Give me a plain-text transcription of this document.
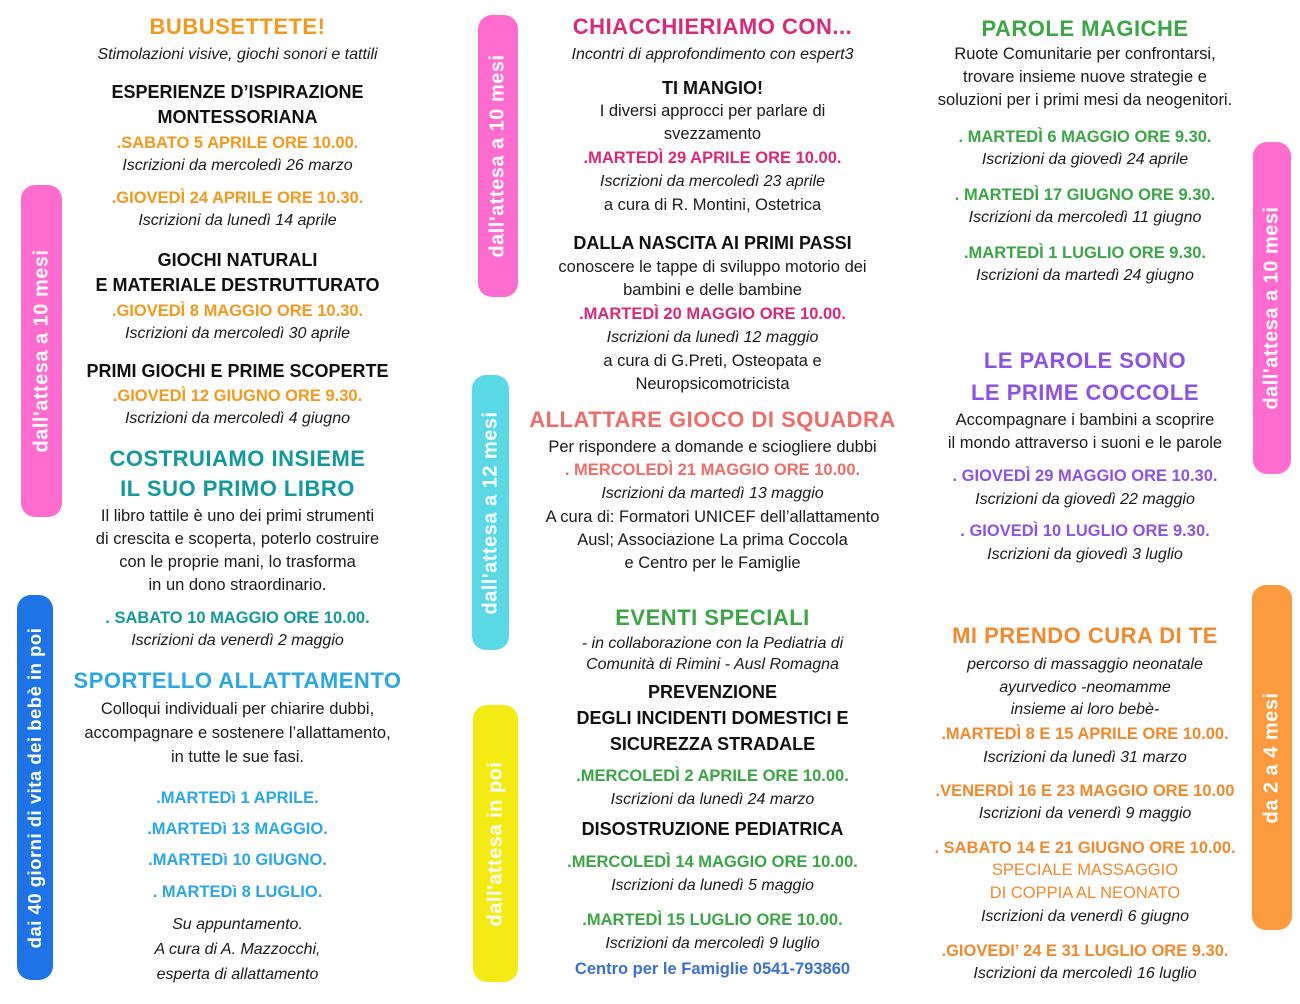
dall'attesa a 10 mesi
dai 40 giorni di vita dei bebè in poi
dall'attesa a 10 mesi
dall'attesa a 12 mesi
dall'attesa in poi
dall'attesa a 10 mesi
da 2 a 4 mesi
BUBUSETTETE!
Stimolazioni visive, giochi sonori e tattili
ESPERIENZE D’ISPIRAZIONE
MONTESSORIANA
.SABATO 5 APRILE ORE 10.00.
Iscrizioni da mercoledì 26 marzo
.GIOVEDÌ 24 APRILE ORE 10.30.
Iscrizioni da lunedì 14 aprile
GIOCHI NATURALI
E MATERIALE DESTRUTTURATO
.GIOVEDÌ 8 MAGGIO ORE 10.30.
Iscrizioni da mercoledì 30 aprile
PRIMI GIOCHI E PRIME SCOPERTE
.GIOVEDÌ 12 GIUGNO ORE 9.30.
Iscrizioni da mercoledì 4 giugno
COSTRUIAMO INSIEME
IL SUO PRIMO LIBRO
Il libro tattile è uno dei primi strumenti
di crescita e scoperta, poterlo costruire
con le proprie mani, lo trasforma
in un dono straordinario.
. SABATO 10 MAGGIO ORE 10.00.
Iscrizioni da venerdì 2 maggio
SPORTELLO ALLATTAMENTO
Colloqui individuali per chiarire dubbi,
accompagnare e sostenere l’allattamento,
in tutte le sue fasi.
.MARTEDì 1 APRILE.
.MARTEDì 13 MAGGIO.
.MARTEDì 10 GIUGNO.
. MARTEDì 8 LUGLIO.
Su appuntamento.
A cura di A. Mazzocchi,
esperta di allattamento
CHIACCHIERIAMO CON...
Incontri di approfondimento con espert3
TI MANGIO!
I diversi approcci per parlare di
svezzamento
.MARTEDÌ 29 APRILE ORE 10.00.
Iscrizioni da mercoledì 23 aprile
a cura di R. Montini, Ostetrica
DALLA NASCITA AI PRIMI PASSI
conoscere le tappe di sviluppo motorio dei
bambini e delle bambine
.MARTEDÌ 20 MAGGIO ORE 10.00.
Iscrizioni da lunedì 12 maggio
a cura di G.Preti, Osteopata e
Neuropsicomotricista
ALLATTARE GIOCO DI SQUADRA
Per rispondere a domande e sciogliere dubbi
. MERCOLEDÌ 21 MAGGIO ORE 10.00.
Iscrizioni da martedì 13 maggio
A cura di: Formatori UNICEF dell’allattamento
Ausl; Associazione La prima Coccola
e Centro per le Famiglie
EVENTI SPECIALI
- in collaborazione con la Pediatria di
Comunità di Rimini - Ausl Romagna
PREVENZIONE
DEGLI INCIDENTI DOMESTICI E
SICUREZZA STRADALE
.MERCOLEDÌ 2 APRILE ORE 10.00.
Iscrizioni da lunedì 24 marzo
DISOSTRUZIONE PEDIATRICA
.MERCOLEDÌ 14 MAGGIO ORE 10.00.
Iscrizioni da lunedì 5 maggio
.MARTEDÌ 15 LUGLIO ORE 10.00.
Iscrizioni da mercoledì 9 luglio
Centro per le Famiglie 0541-793860
PAROLE MAGICHE
Ruote Comunitarie per confrontarsi,
trovare insieme nuove strategie e
soluzioni per i primi mesi da neogenitori.
. MARTEDÌ 6 MAGGIO ORE 9.30.
Iscrizioni da giovedì 24 aprile
. MARTEDÌ 17 GIUGNO ORE 9.30.
Iscrizioni da mercoledì 11 giugno
.MARTEDÌ 1 LUGLIO ORE 9.30.
Iscrizioni da martedì 24 giugno
LE PAROLE SONO
LE PRIME COCCOLE
Accompagnare i bambini a scoprire
il mondo attraverso i suoni e le parole
. GIOVEDÌ 29 MAGGIO ORE 10.30.
Iscrizioni da giovedì 22 maggio
. GIOVEDÌ 10 LUGLIO ORE 9.30.
Iscrizioni da giovedì 3 luglio
MI PRENDO CURA DI TE
percorso di massaggio neonatale
ayurvedico -neomamme
insieme ai loro bebè-
.MARTEDÌ 8 E 15 APRILE ORE 10.00.
Iscrizioni da lunedì 31 marzo
.VENERDÌ 16 E 23 MAGGIO ORE 10.00
Iscrizioni da venerdì 9 maggio
. SABATO 14 E 21 GIUGNO ORE 10.00.
SPECIALE MASSAGGIO
DI COPPIA AL NEONATO
Iscrizioni da venerdì 6 giugno
.GIOVEDI’ 24 E 31 LUGLIO ORE 9.30.
Iscrizioni da mercoledì 16 luglio
